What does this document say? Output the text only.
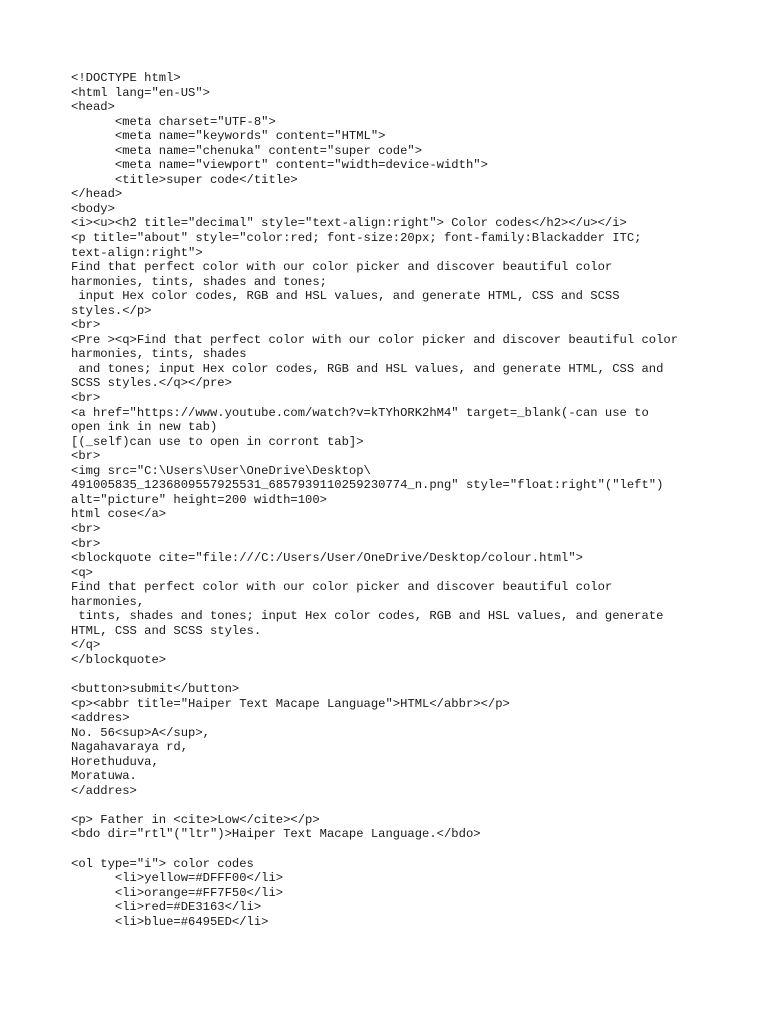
<!DOCTYPE html>
<html lang="en-US">
<head>
<meta charset="UTF-8">
<meta name="keywords" content="HTML">
<meta name="chenuka" content="super code">
<meta name="viewport" content="width=device-width">
<title>super code</title>
</head>
<body>
<i><u><h2 title="decimal" style="text-align:right"> Color codes</h2></u></i>
<p title="about" style="color:red; font-size:20px; font-family:Blackadder ITC;
text-align:right">
Find that perfect color with our color picker and discover beautiful color
harmonies, tints, shades and tones;
input Hex color codes, RGB and HSL values, and generate HTML, CSS and SCSS
styles.</p>
<br>
<Pre ><q>Find that perfect color with our color picker and discover beautiful color
harmonies, tints, shades
and tones; input Hex color codes, RGB and HSL values, and generate HTML, CSS and
SCSS styles.</q></pre>
<br>
<a href="https://www.youtube.com/watch?v=kTYhORK2hM4" target=_blank(-can use to
open ink in new tab)
[(_self)can use to open in corront tab]>
<br>
<img src="C:\Users\User\OneDrive\Desktop\
491005835_1236809557925531_6857939110259230774_n.png" style="float:right"("left")
alt="picture" height=200 width=100>
html cose</a>
<br>
<br>
<blockquote cite="file:///C:/Users/User/OneDrive/Desktop/colour.html">
<q>
Find that perfect color with our color picker and discover beautiful color
harmonies,
tints, shades and tones; input Hex color codes, RGB and HSL values, and generate
HTML, CSS and SCSS styles.
</q>
</blockquote>
<button>submit</button>
<p><abbr title="Haiper Text Macape Language">HTML</abbr></p>
<addres>
No. 56<sup>A</sup>,
Nagahavaraya rd,
Horethuduva,
Moratuwa.
</addres>
<p> Father in <cite>Low</cite></p>
<bdo dir="rtl"("ltr")>Haiper Text Macape Language.</bdo>
<ol type="i"> color codes
<li>yellow=#DFFF00</li>
<li>orange=#FF7F50</li>
<li>red=#DE3163</li>
<li>blue=#6495ED</li>
